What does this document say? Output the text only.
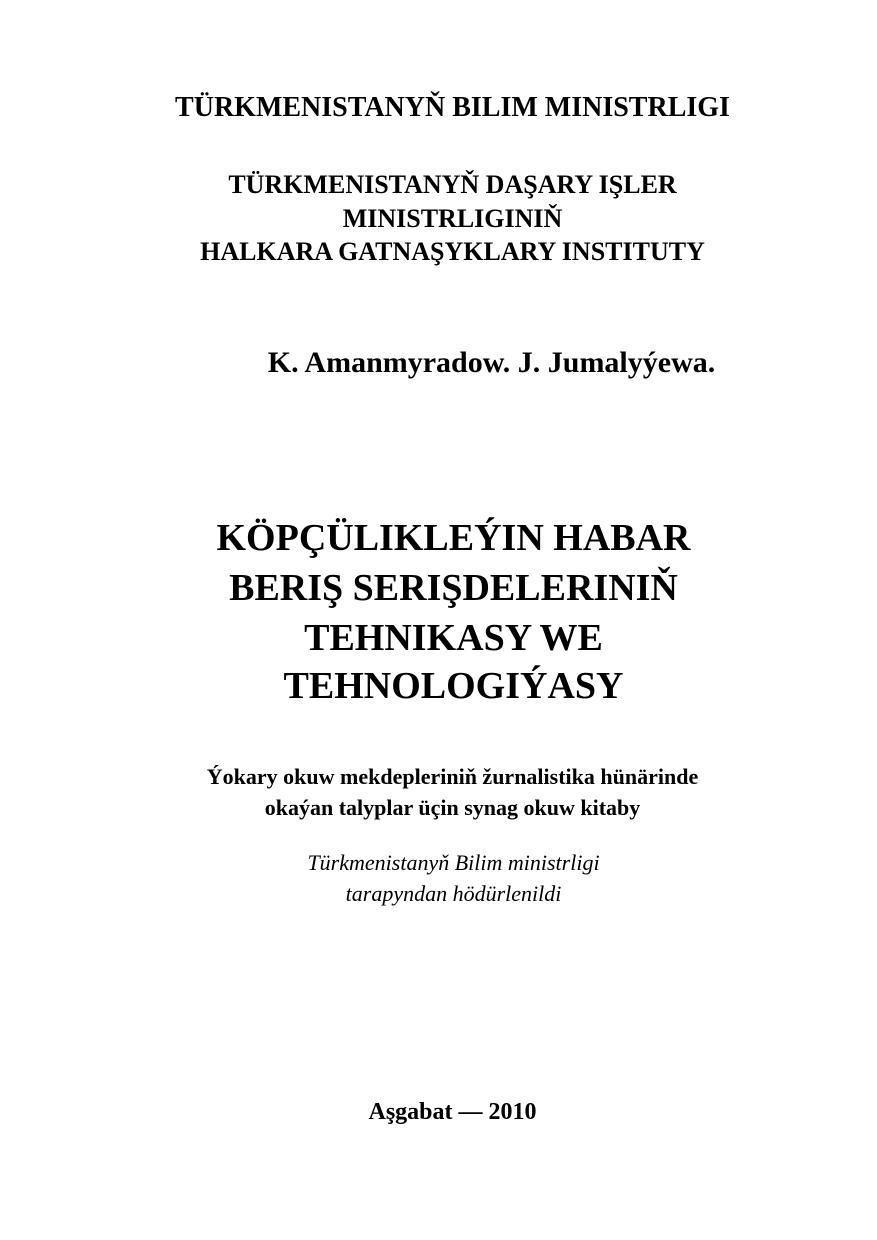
TÜRKMENISTANYŇ BILIM MINISTRLIGI
TÜRKMENISTANYŇ DAŞARY IŞLER
MINISTRLIGINIŇ
HALKARA GATNAŞYKLARY INSTITUTY
K. Amanmyradow. J. Jumalyýewa.
KÖPÇÜLIKLEÝIN HABAR
BERIŞ SERIŞDELERINIŇ
TEHNIKASY WE
TEHNOLOGIÝASY
Ýokary okuw mekdepleriniň žurnalistika hünärinde
okaýan talyplar üçin synag okuw kitaby
Türkmenistanyň Bilim ministrligi
tarapyndan hödürlenildi
Aşgabat — 2010
